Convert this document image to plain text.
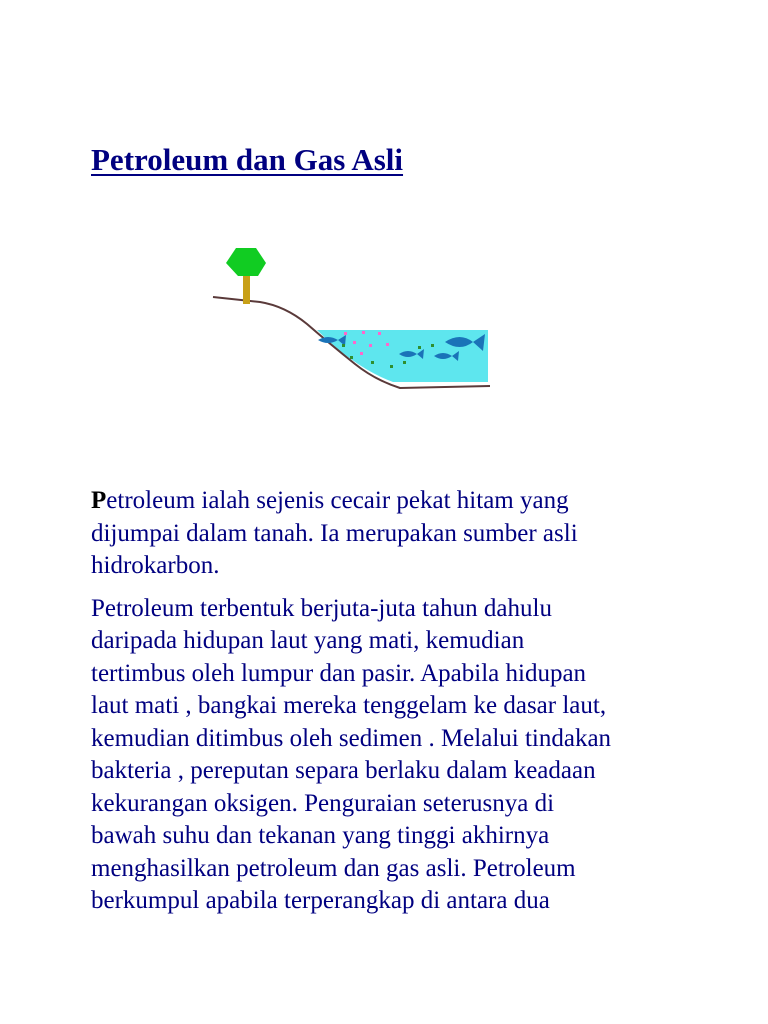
Petroleum dan Gas Asli

Petroleum ialah sejenis cecair pekat hitam yang
dijumpai dalam tanah. Ia merupakan sumber asli
hidrokarbon.

Petroleum terbentuk berjuta-juta tahun dahulu
daripada hidupan laut yang mati, kemudian
tertimbus oleh lumpur dan pasir. Apabila hidupan
laut mati , bangkai mereka tenggelam ke dasar laut,
kemudian ditimbus oleh sedimen . Melalui tindakan
bakteria , pereputan separa berlaku dalam keadaan
kekurangan oksigen. Penguraian seterusnya di
bawah suhu dan tekanan yang tinggi akhirnya
menghasilkan petroleum dan gas asli. Petroleum
berkumpul apabila terperangkap di antara dua
